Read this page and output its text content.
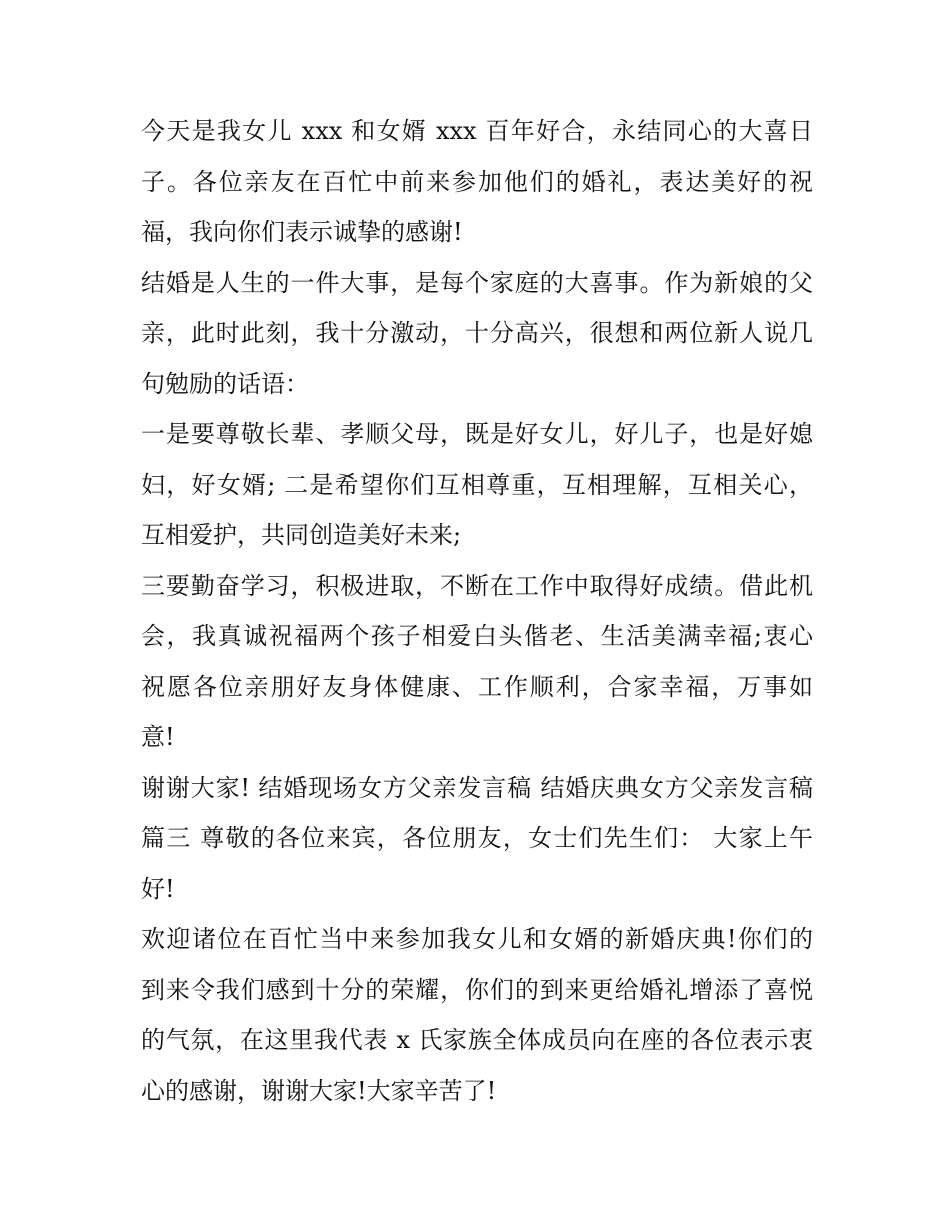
今天是我女儿 xxx 和女婿 xxx 百年好合，永结同心的大喜日
子。各位亲友在百忙中前来参加他们的婚礼，表达美好的祝
福，我向你们表示诚挚的感谢!
结婚是人生的一件大事，是每个家庭的大喜事。作为新娘的父
亲，此时此刻，我十分激动，十分高兴，很想和两位新人说几
句勉励的话语：
一是要尊敬长辈、孝顺父母，既是好女儿，好儿子，也是好媳
妇，好女婿; 二是希望你们互相尊重，互相理解，互相关心，
互相爱护，共同创造美好未来;
三要勤奋学习，积极进取，不断在工作中取得好成绩。借此机
会，我真诚祝福两个孩子相爱白头偕老、生活美满幸福;衷心
祝愿各位亲朋好友身体健康、工作顺利，合家幸福，万事如
意!
谢谢大家! 结婚现场女方父亲发言稿 结婚庆典女方父亲发言稿
篇三 尊敬的各位来宾，各位朋友，女士们先生们： 大家上午
好!
欢迎诸位在百忙当中来参加我女儿和女婿的新婚庆典!你们的
到来令我们感到十分的荣耀，你们的到来更给婚礼增添了喜悦
的气氛，在这里我代表 x 氏家族全体成员向在座的各位表示衷
心的感谢，谢谢大家!大家辛苦了!
